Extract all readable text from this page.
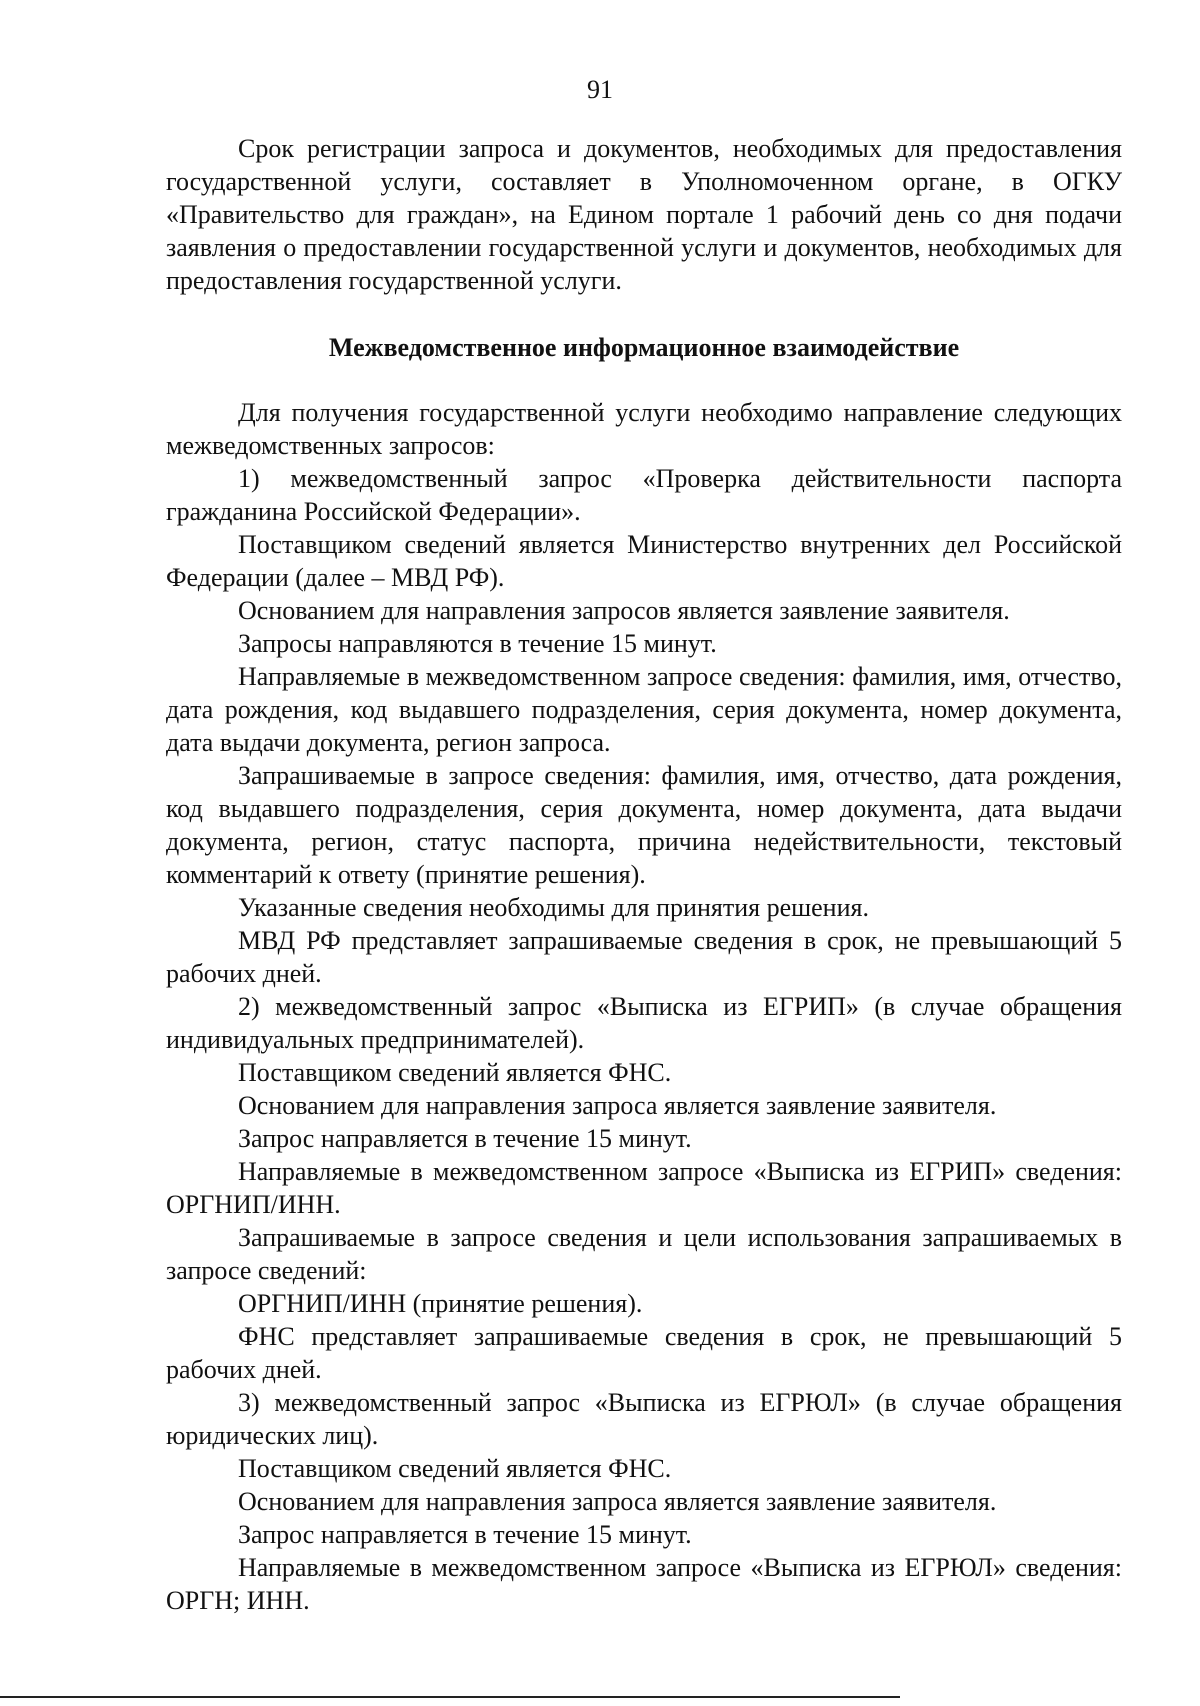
91

Срок регистрации запроса и документов, необходимых для предоставления государственной услуги, составляет в Уполномоченном органе, в ОГКУ «Правительство для граждан», на Едином портале 1 рабочий день со дня подачи заявления о предоставлении государственной услуги и документов, необходимых для предоставления государственной услуги.

Межведомственное информационное взаимодействие

Для получения государственной услуги необходимо направление следующих межведомственных запросов:

1) межведомственный запрос «Проверка действительности паспорта гражданина Российской Федерации».

Поставщиком сведений является Министерство внутренних дел Российской Федерации (далее – МВД РФ).

Основанием для направления запросов является заявление заявителя.

Запросы направляются в течение 15 минут.

Направляемые в межведомственном запросе сведения: фамилия, имя, отчество, дата рождения, код выдавшего подразделения, серия документа, номер документа, дата выдачи документа, регион запроса.

Запрашиваемые в запросе сведения: фамилия, имя, отчество, дата рождения, код выдавшего подразделения, серия документа, номер документа, дата выдачи документа, регион, статус паспорта, причина недействительности, текстовый комментарий к ответу (принятие решения).

Указанные сведения необходимы для принятия решения.

МВД РФ представляет запрашиваемые сведения в срок, не превышающий 5 рабочих дней.

2) межведомственный запрос «Выписка из ЕГРИП» (в случае обращения индивидуальных предпринимателей).

Поставщиком сведений является ФНС.

Основанием для направления запроса является заявление заявителя.

Запрос направляется в течение 15 минут.

Направляемые в межведомственном запросе «Выписка из ЕГРИП» сведения: ОРГНИП/ИНН.

Запрашиваемые в запросе сведения и цели использования запрашиваемых в запросе сведений:

ОРГНИП/ИНН (принятие решения).

ФНС представляет запрашиваемые сведения в срок, не превышающий 5 рабочих дней.

3) межведомственный запрос «Выписка из ЕГРЮЛ» (в случае обращения юридических лиц).

Поставщиком сведений является ФНС.

Основанием для направления запроса является заявление заявителя.

Запрос направляется в течение 15 минут.

Направляемые в межведомственном запросе «Выписка из ЕГРЮЛ» сведения: ОРГН; ИНН.
